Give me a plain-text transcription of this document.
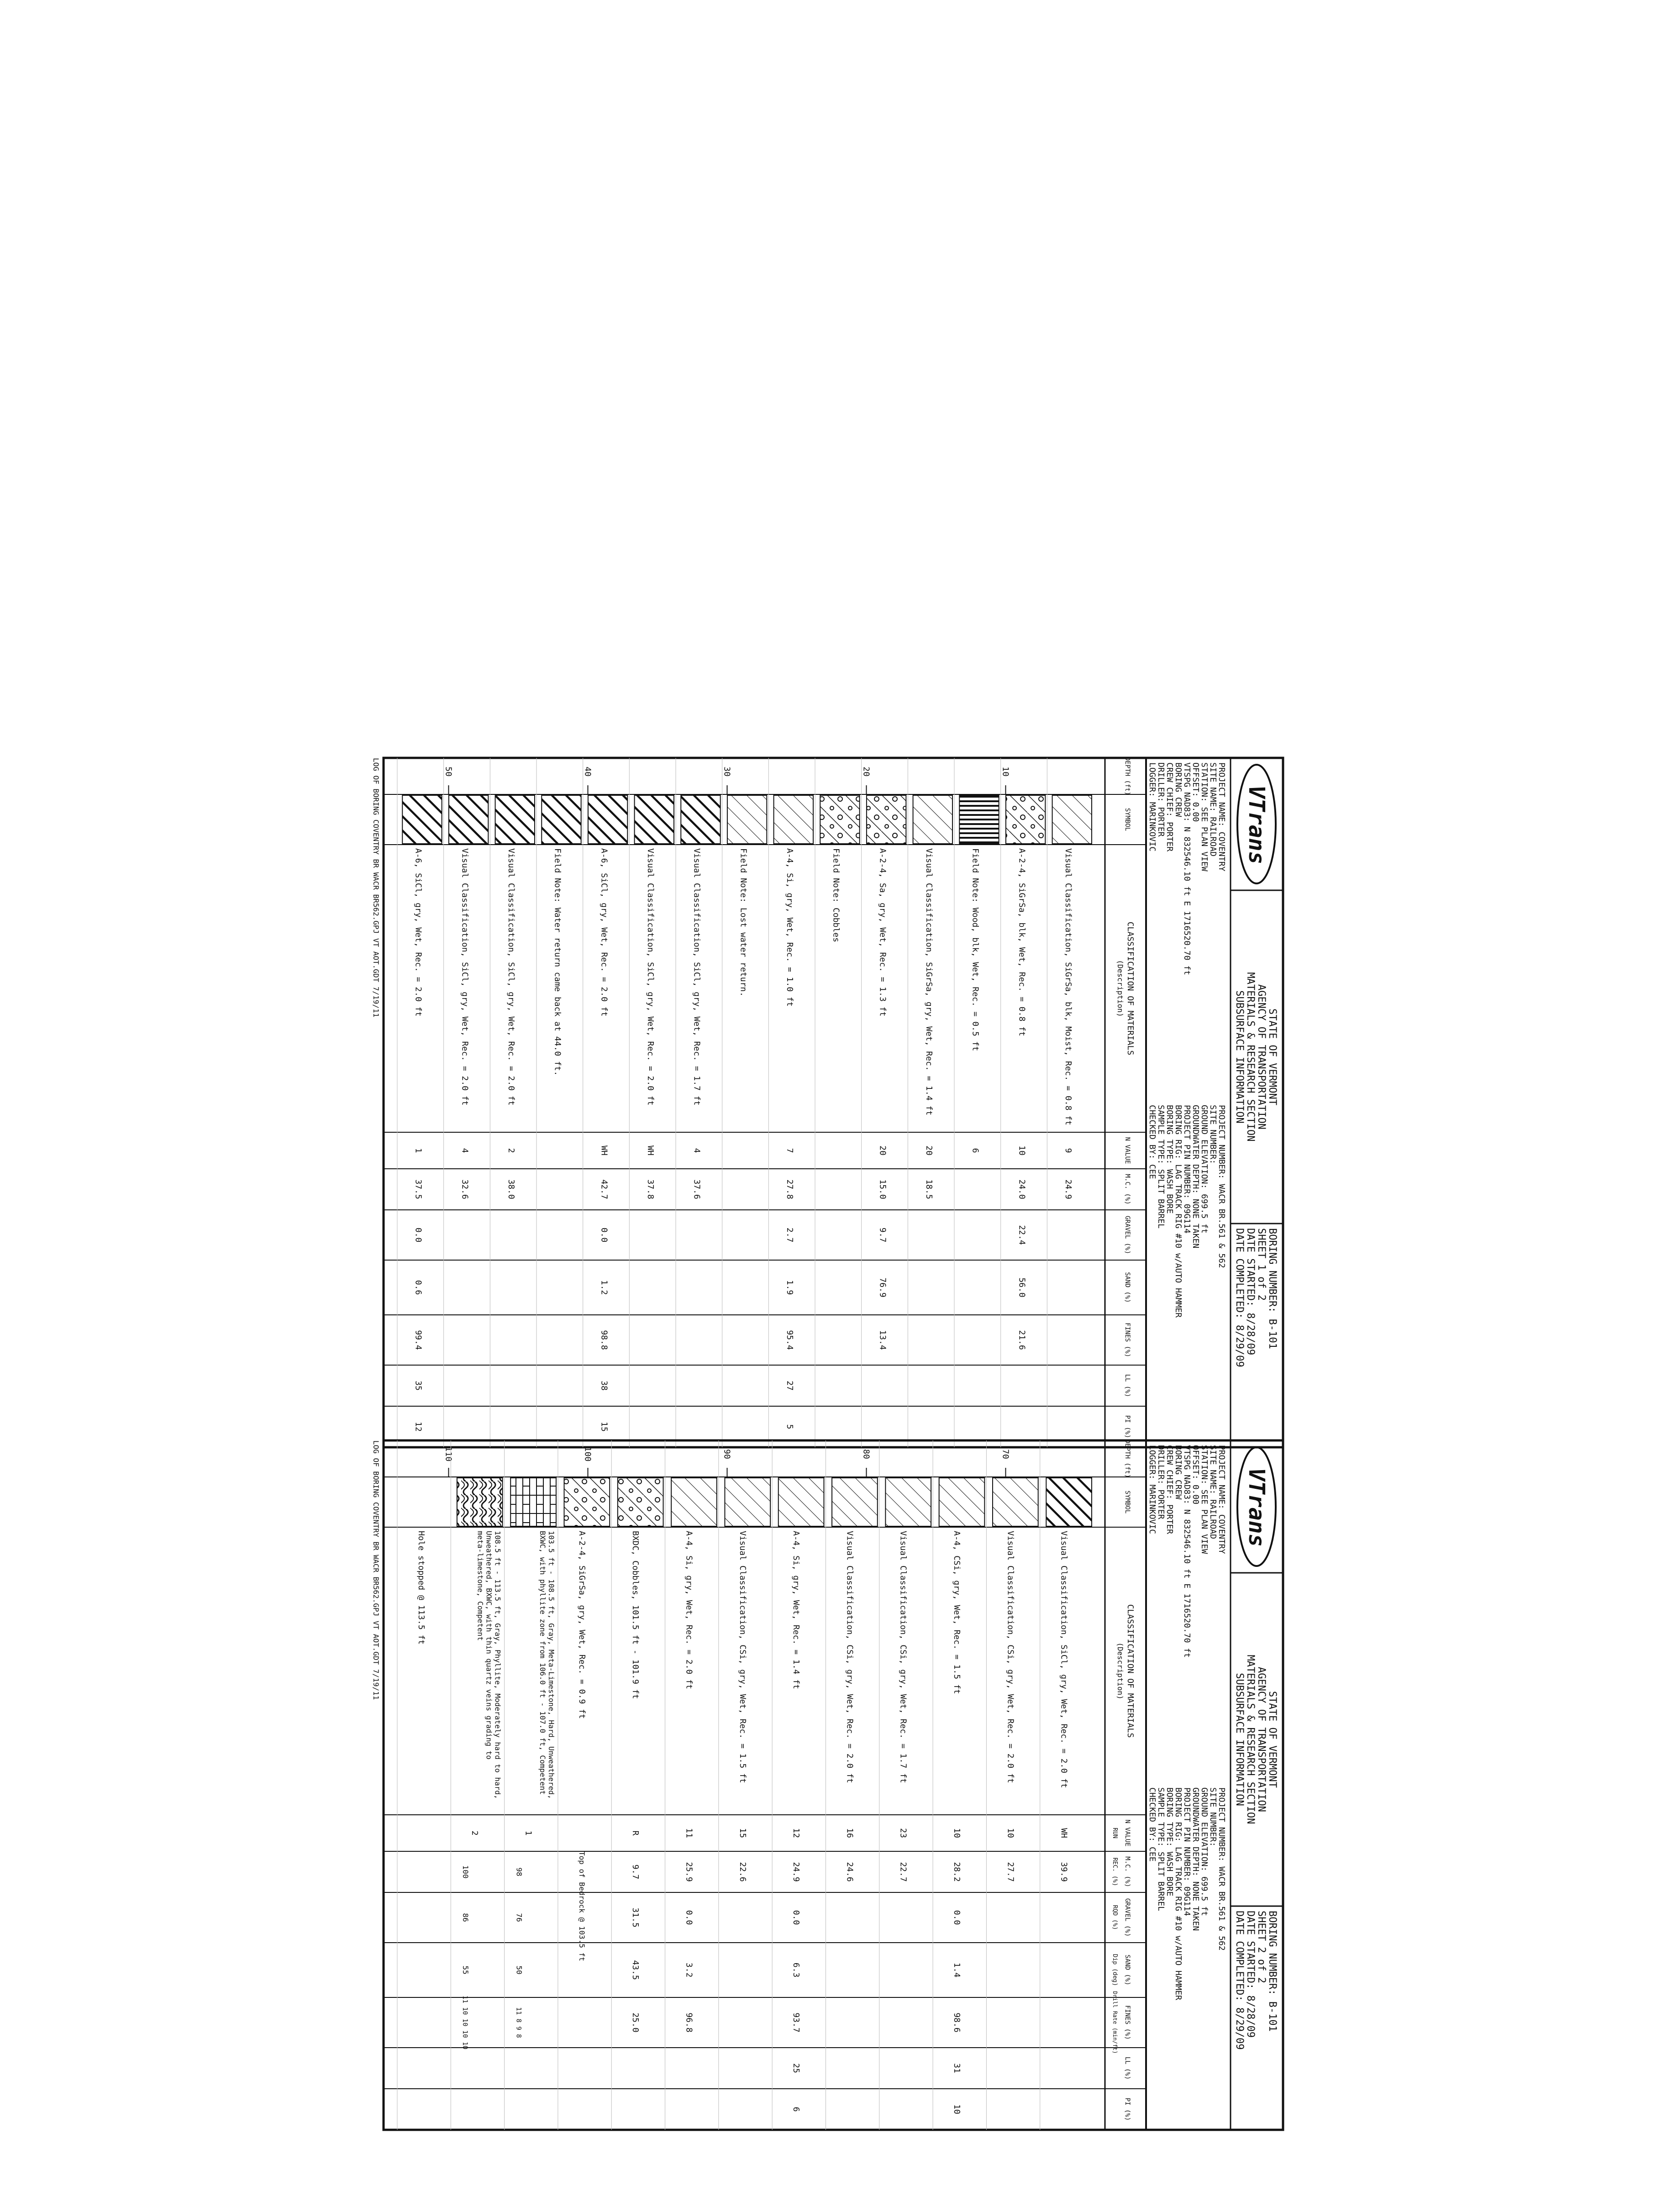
VTrans
STATE OF VERMONT
AGENCY OF TRANSPORTATION
MATERIALS & RESEARCH SECTION
SUBSURFACE INFORMATION
BORING NUMBER: B-101
SHEET 1 of 2
DATE STARTED: 8/28/09
DATE COMPLETED: 8/29/09
PROJECT NAME: COVENTRY
SITE NAME: RAILROAD
STATION: SEE PLAN VIEW
OFFSET: 0.00
VTSPG NAD83: N 832546.10 ft E 1716520.70 ft
BORING CREW
CREW CHIEF: PORTER
DRILLER: PORTER
LOGGER: MARINKOVIC
PROJECT NUMBER: WACR BR.561 & 562
SITE NUMBER:
GROUND ELEVATION: 699.5 ft
GROUNDWATER DEPTH: NONE TAKEN
PROJECT PIN NUMBER: 09G114
BORING RIG: LAG TRACK RIG #10 w/AUTO HAMMER
BORING TYPE: WASH BORE
SAMPLE TYPE: SPLIT BARREL
CHECKED BY: CEE
DEPTH (ft)
SYMBOL
CLASSIFICATION OF MATERIALS
(Description)
N VALUE
M.C. (%)
GRAVEL (%)
SAND (%)
FINES (%)
LL (%)
PI (%)
10
20
30
40
50
Visual Classification, SiGrSa, blk, Moist, Rec. = 0.8 ft
9
24.9
A-2-4, SiGrSa, blk, Wet, Rec. = 0.8 ft
10
24.0
22.4
56.0
21.6
Field Note: Wood, blk, Wet, Rec. = 0.5 ft
6
Visual Classification, SiGrSa, gry, Wet, Rec. = 1.4 ft
20
18.5
A-2-4, Sa, gry, Wet, Rec. = 1.3 ft
20
15.0
9.7
76.9
13.4
Field Note: Cobbles
A-4, Si, gry, Wet, Rec. = 1.0 ft
7
27.8
2.7
1.9
95.4
27
5
Field Note: Lost water return.
Visual Classification, SiCl, gry, Wet, Rec. = 1.7 ft
4
37.6
Visual Classification, SiCl, gry, Wet, Rec. = 2.0 ft
WH
37.8
A-6, SiCl, gry, Wet, Rec. = 2.0 ft
WH
42.7
0.0
1.2
98.8
38
15
Field Note: Water return came back at 44.0 ft.
Visual Classification, SiCl, gry, Wet, Rec. = 2.0 ft
2
38.0
Visual Classification, SiCl, gry, Wet, Rec. = 2.0 ft
4
32.6
A-6, SiCl, gry, Wet, Rec. = 2.0 ft
1
37.5
0.0
0.6
99.4
35
12
LOG OF BORING COVENTRY BR WACR BR562.GPJ VT AOT.GDT 7/19/11
VTrans
STATE OF VERMONT
AGENCY OF TRANSPORTATION
MATERIALS & RESEARCH SECTION
SUBSURFACE INFORMATION
BORING NUMBER: B-101
SHEET 2 of 2
DATE STARTED: 8/28/09
DATE COMPLETED: 8/29/09
PROJECT NAME: COVENTRY
SITE NAME: RAILROAD
STATION: SEE PLAN VIEW
OFFSET: 0.00
VTSPG NAD83: N 832546.10 ft E 1716520.70 ft
BORING CREW
CREW CHIEF: PORTER
DRILLER: PORTER
LOGGER: MARINKOVIC
PROJECT NUMBER: WACR BR.561 & 562
SITE NUMBER:
GROUND ELEVATION: 699.5 ft
GROUNDWATER DEPTH: NONE TAKEN
PROJECT PIN NUMBER: 09G114
BORING RIG: LAG TRACK RIG #10 w/AUTO HAMMER
BORING TYPE: WASH BORE
SAMPLE TYPE: SPLIT BARREL
CHECKED BY: CEE
DEPTH (ft)
SYMBOL
CLASSIFICATION OF MATERIALS
(Description)
N VALUE
M.C. (%)
GRAVEL (%)
SAND (%)
FINES (%)
LL (%)
PI (%)
RUN
REC. (%)
RQD (%)
Dip (deg)
Drill Rate (min/ft)
70
80
90
100
110
Visual Classification, SiCl, gry, Wet, Rec. = 2.0 ft
WH
39.9
Visual Classification, CSi, gry, Wet, Rec. = 2.0 ft
10
27.7
A-4, CSi, gry, Wet, Rec. = 1.5 ft
10
28.2
0.0
1.4
98.6
31
10
Visual Classification, CSi, gry, Wet, Rec. = 1.7 ft
23
22.7
Visual Classification, CSi, gry, Wet, Rec. = 2.0 ft
16
24.6
A-4, Si, gry, Wet, Rec. = 1.4 ft
12
24.9
0.0
6.3
93.7
25
6
Visual Classification, CSi, gry, Wet, Rec. = 1.5 ft
15
22.6
A-4, Si, gry, Wet, Rec. = 2.0 ft
11
25.9
0.0
3.2
96.8
BXDC, Cobbles, 101.5 ft - 101.9 ft
R
9.7
31.5
43.5
25.0
A-2-4, SiGrSa, gry, Wet, Rec. = 0.9 ft
103.5 ft - 108.5 ft, Gray, Meta-Limestone, Hard, Unweathered,BXWC, with phyllite zone from 106.0 ft - 107.0 ft, Competent
1
98
76
50
11 8 9 8
108.5 ft - 113.5 ft, Gray, Phyllite, Moderately hard to hard,Unweathered, BXWC, with thin quartz veins grading tometa-limestone, Competent
2
100
86
55
11 10 10 10 10
Hole stopped @ 113.5 ft
Top of Bedrock @ 103.5 ft
LOG OF BORING COVENTRY BR WACR BR562.GPJ VT AOT.GDT 7/19/11
